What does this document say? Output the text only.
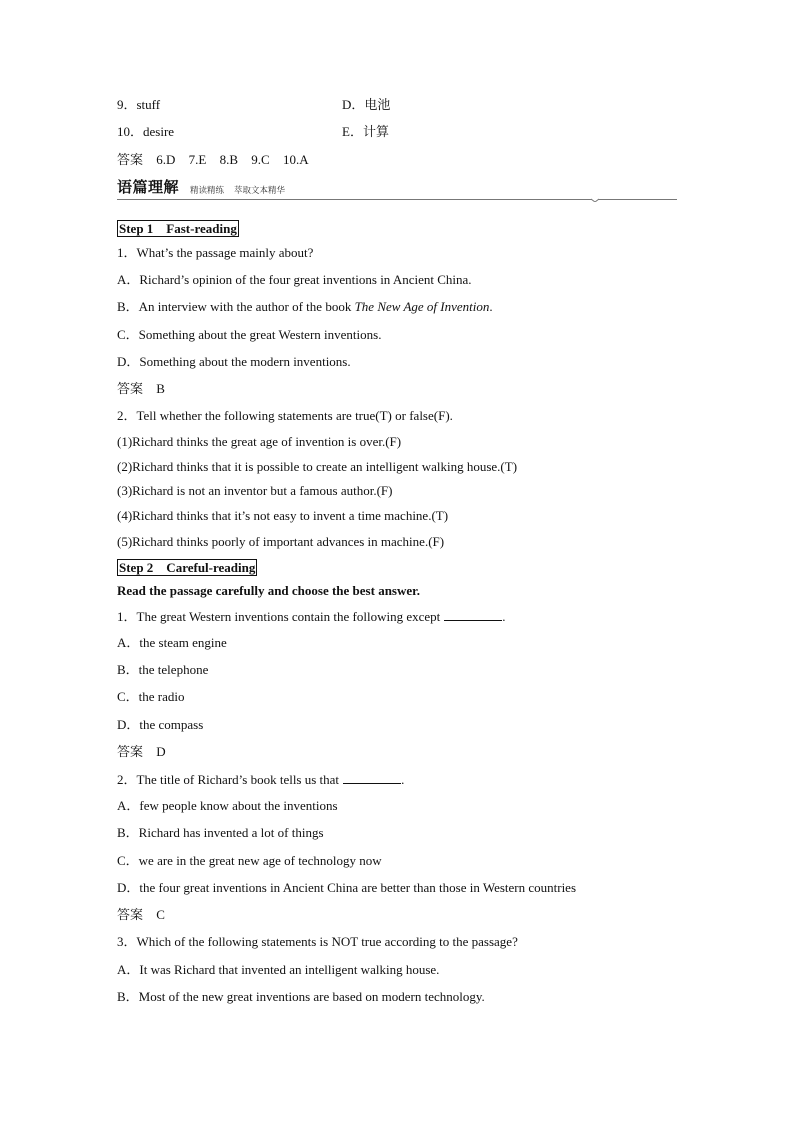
9．stuff	D．电池
10．desire	E．计算
答案 6.D 7.E 8.B 9.C 10.A
语篇理解 精读精练 萃取文本精华
Step 1　Fast-reading
1．What’s the passage mainly about?
A．Richard’s opinion of the four great inventions in Ancient China.
B．An interview with the author of the book The New Age of Invention.
C．Something about the great Western inventions.
D．Something about the modern inventions.
答案 B
2．Tell whether the following statements are true(T) or false(F).
(1)Richard thinks the great age of invention is over.(F)
(2)Richard thinks that it is possible to create an intelligent walking house.(T)
(3)Richard is not an inventor but a famous author.(F)
(4)Richard thinks that it’s not easy to invent a time machine.(T)
(5)Richard thinks poorly of important advances in machine.(F)
Step 2　Careful-reading
Read the passage carefully and choose the best answer.
1．The great Western inventions contain the following except	.
A．the steam engine
B．the telephone
C．the radio
D．the compass
答案 D
2．The title of Richard’s book tells us that	.
A．few people know about the inventions
B．Richard has invented a lot of things
C．we are in the great new age of technology now
D．the four great inventions in Ancient China are better than those in Western countries
答案 C
3．Which of the following statements is NOT true according to the passage?
A．It was Richard that invented an intelligent walking house.
B．Most of the new great inventions are based on modern technology.
